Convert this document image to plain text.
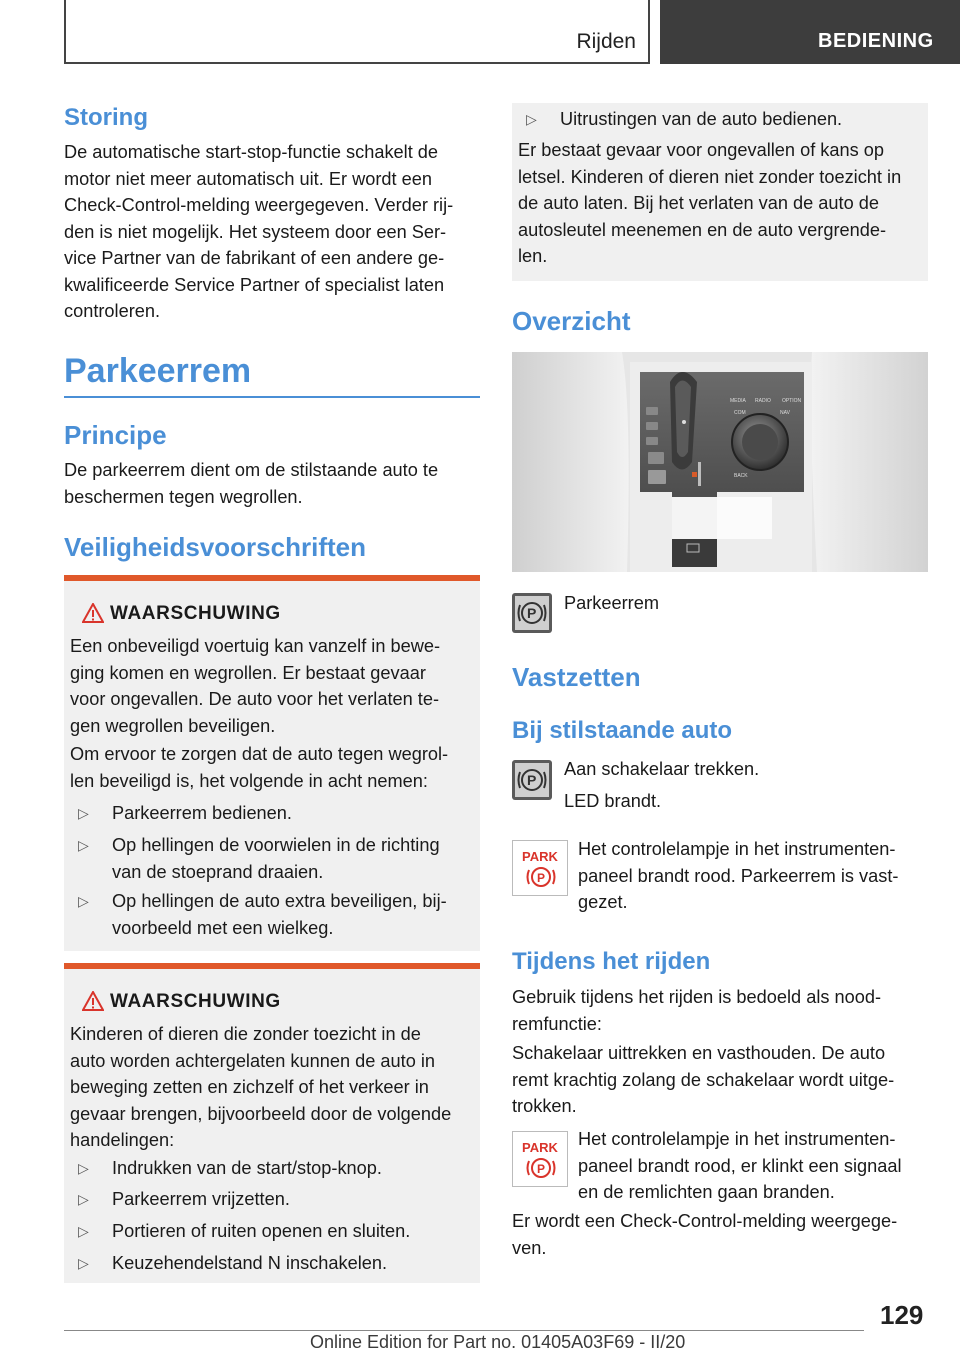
Rijden	BEDIENING
Storing
De automatische start-stop-functie schakelt de
motor niet meer automatisch uit. Er wordt een
Check-Control-melding weergegeven. Verder rij-
den is niet mogelijk. Het systeem door een Ser-
vice Partner van de fabrikant of een andere ge-
kwalificeerde Service Partner of specialist laten
controleren.
Parkeerrem
Principe
De parkeerrem dient om de stilstaande auto te
beschermen tegen wegrollen.
Veiligheidsvoorschriften
WAARSCHUWING
Een onbeveiligd voertuig kan vanzelf in bewe-
ging komen en wegrollen. Er bestaat gevaar
voor ongevallen. De auto voor het verlaten te-
gen wegrollen beveiligen.
Om ervoor te zorgen dat de auto tegen wegrol-
len beveiligd is, het volgende in acht nemen:
▷	Parkeerrem bedienen.
▷	Op hellingen de voorwielen in de richting
van de stoeprand draaien.
▷	Op hellingen de auto extra beveiligen, bij-
voorbeeld met een wielkeg.
WAARSCHUWING
Kinderen of dieren die zonder toezicht in de
auto worden achtergelaten kunnen de auto in
beweging zetten en zichzelf of het verkeer in
gevaar brengen, bijvoorbeeld door de volgende
handelingen:
▷	Indrukken van de start/stop-knop.
▷	Parkeerrem vrijzetten.
▷	Portieren of ruiten openen en sluiten.
▷	Keuzehendelstand N inschakelen.
▷	Uitrustingen van de auto bedienen.
Er bestaat gevaar voor ongevallen of kans op
letsel. Kinderen of dieren niet zonder toezicht in
de auto laten. Bij het verlaten van de auto de
autosleutel meenemen en de auto vergrende-
len.
Overzicht
MEDIA RADIO
COM	NAV
OPTION
BACK
P Parkeerrem
Vastzetten
Bij stilstaande auto
P
Aan schakelaar trekken.
LED brandt.
PARK
P
Het controlelampje in het instrumenten-
paneel brandt rood. Parkeerrem is vast-
gezet.
Tijdens het rijden
Gebruik tijdens het rijden is bedoeld als nood-
remfunctie:
Schakelaar uittrekken en vasthouden. De auto
remt krachtig zolang de schakelaar wordt uitge-
trokken.
PARK
P
Het controlelampje in het instrumenten-
paneel brandt rood, er klinkt een signaal
en de remlichten gaan branden.
Er wordt een Check-Control-melding weergege-
ven.
129
Online Edition for Part no. 01405A03F69 - II/20
